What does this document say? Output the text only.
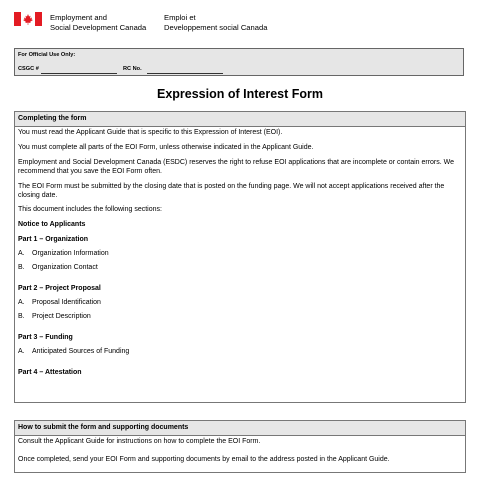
Employment and
Social Development Canada
Emploi et
Developpement social Canada
For Official Use Only:
CSGC #	RC No.
Expression of Interest Form
Completing the form

You must read the Applicant Guide that is specific to this Expression of Interest (EOI).

You must complete all parts of the EOI Form, unless otherwise indicated in the Applicant Guide.

Employment and Social Development Canada (ESDC) reserves the right to refuse EOI applications that are incomplete or contain errors. We recommend that you save the EOI Form often.

The EOI Form must be submitted by the closing date that is posted on the funding page. We will not accept applications received after the closing date.

This document includes the following sections:

Notice to Applicants

Part 1 – Organization

A.	Organization Information
B.	Organization Contact

Part 2 – Project Proposal

A.	Proposal Identification
B.	Project Description

Part 3 – Funding

A.	Anticipated Sources of Funding

Part 4 – Attestation

How to submit the form and supporting documents

Consult the Applicant Guide for instructions on how to complete the EOI Form.

Once completed, send your EOI Form and supporting documents by email to the address posted in the Applicant Guide.
